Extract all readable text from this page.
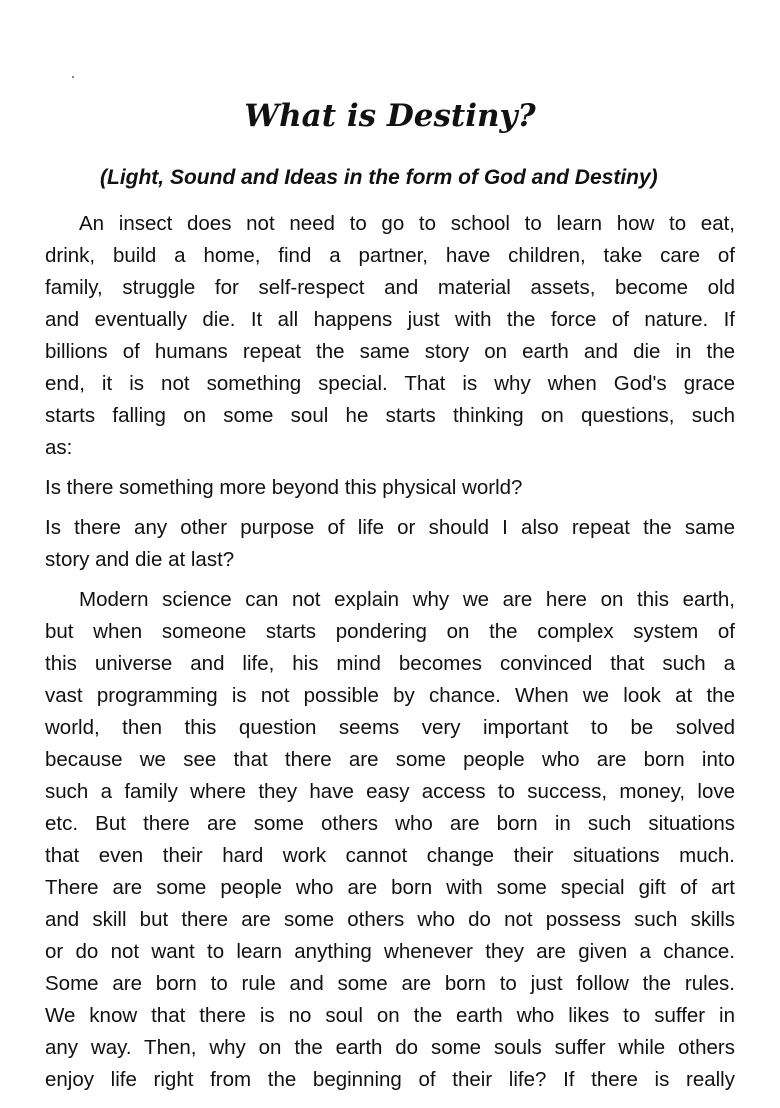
What is Destiny?
(Light, Sound and Ideas in the form of God and Destiny)
An insect does not need to go to school to learn how to eat,
drink, build a home, find a partner, have children, take care of
family, struggle for self-respect and material assets, become old
and eventually die. It all happens just with the force of nature. If
billions of humans repeat the same story on earth and die in the
end, it is not something special. That is why when God's grace
starts falling on some soul he starts thinking on questions, such
as:
Is there something more beyond this physical world?
Is there any other purpose of life or should I also repeat the same
story and die at last?
Modern science can not explain why we are here on this earth,
but when someone starts pondering on the complex system of
this universe and life, his mind becomes convinced that such a
vast programming is not possible by chance. When we look at the
world, then this question seems very important to be solved
because we see that there are some people who are born into
such a family where they have easy access to success, money, love
etc. But there are some others who are born in such situations
that even their hard work cannot change their situations much.
There are some people who are born with some special gift of art
and skill but there are some others who do not possess such skills
or do not want to learn anything whenever they are given a chance.
Some are born to rule and some are born to just follow the rules.
We know that there is no soul on the earth who likes to suffer in
any way. Then, why on the earth do some souls suffer while others
enjoy life right from the beginning of their life? If there is really
